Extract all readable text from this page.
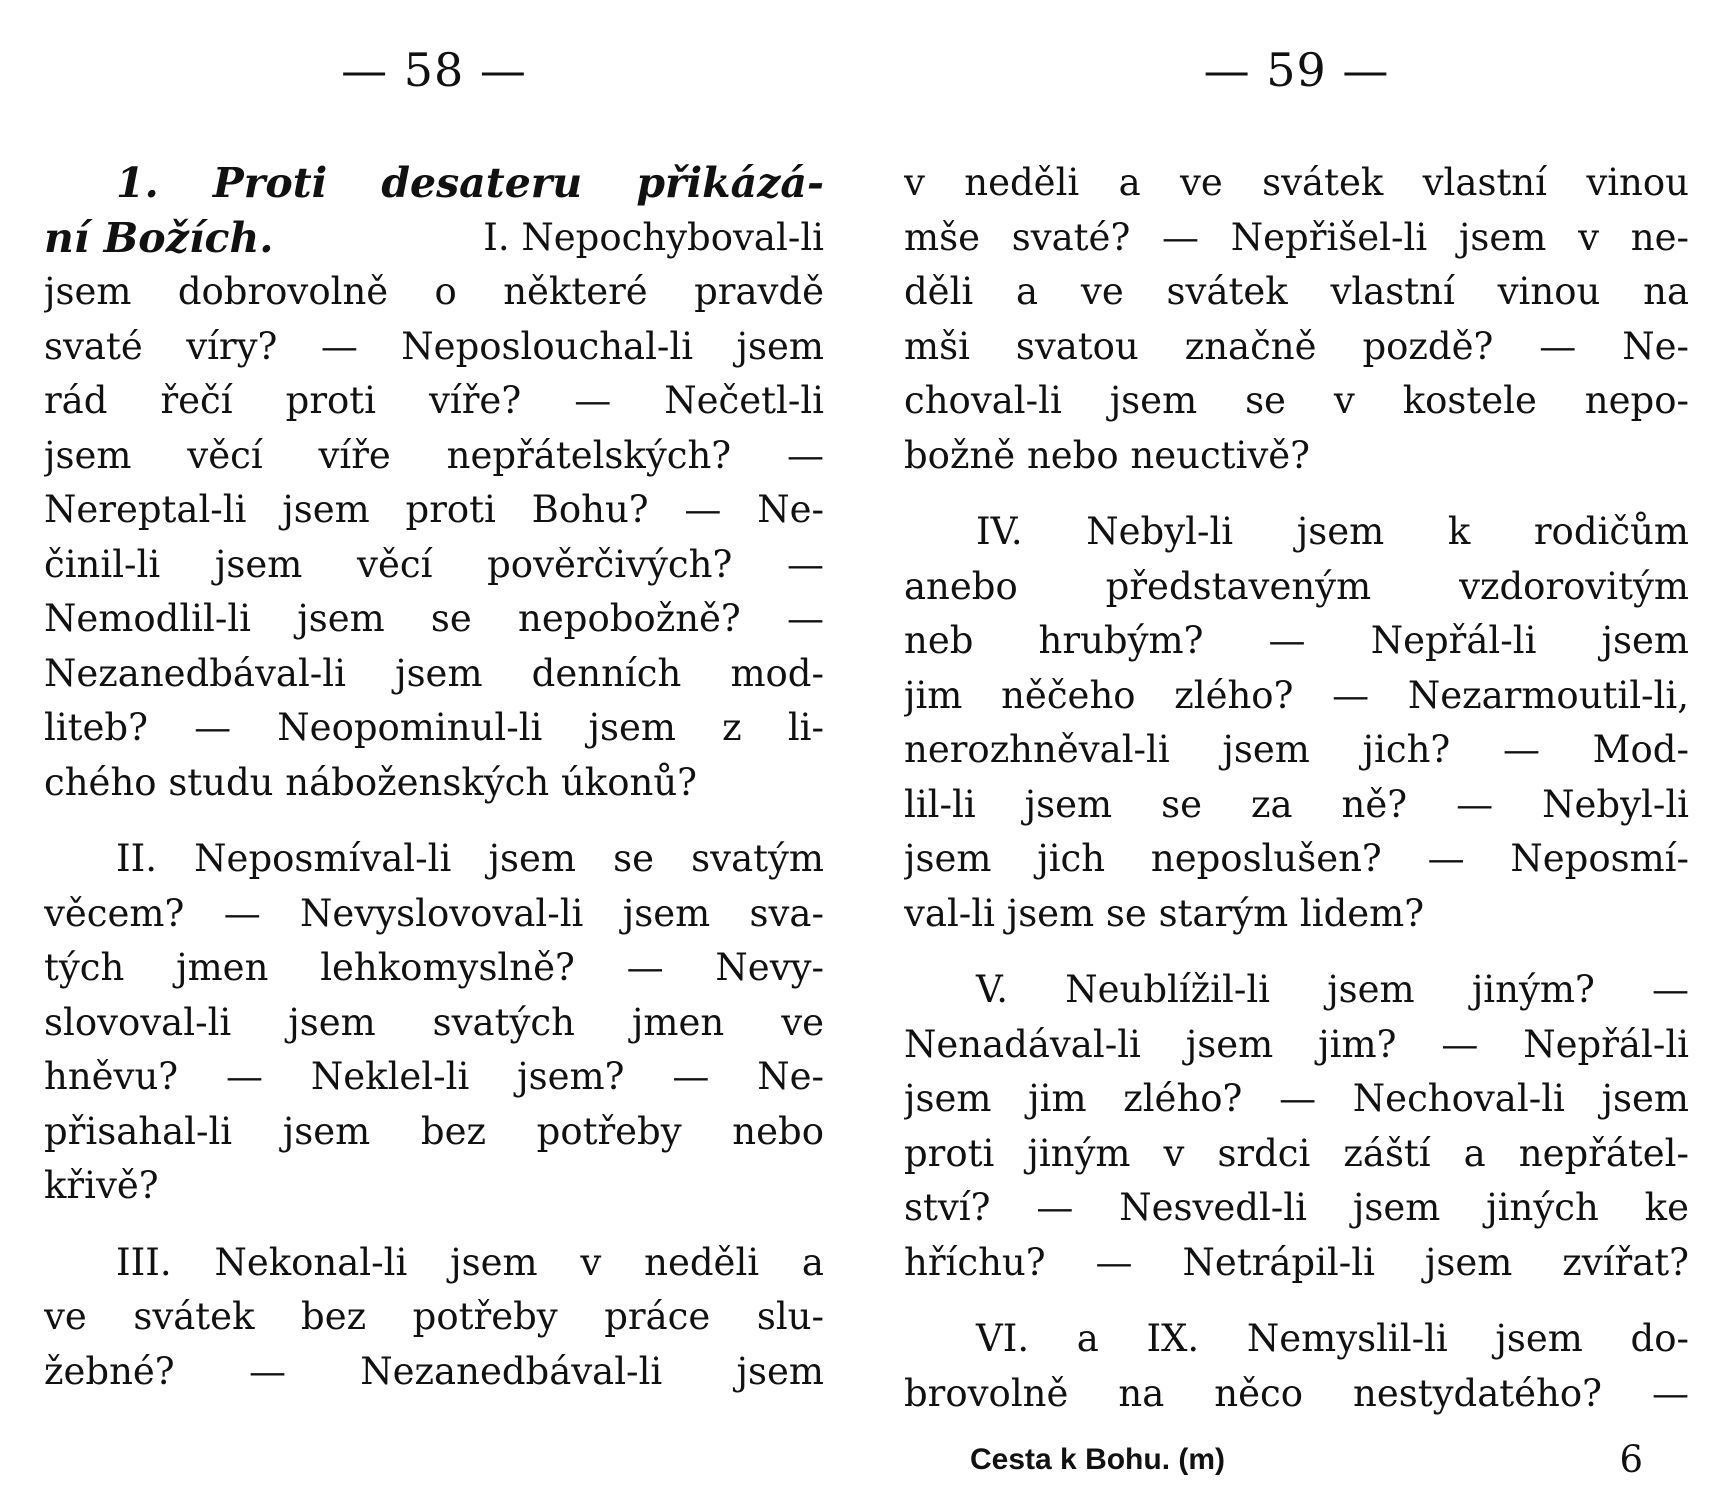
— 58 —
1. Proti desateru přikázá-
ní Božích.	I. Nepochyboval-li
jsem dobrovolně o některé pravdě
svaté víry? — Neposlouchal-li jsem
rád řečí proti víře? — Nečetl-li
jsem věcí víře nepřátelských? —
Nereptal-li jsem proti Bohu? — Ne-
činil-li jsem věcí pověrčivých? —
Nemodlil-li jsem se nepobožně? —
Nezanedbával-li jsem denních mod-
liteb? — Neopominul-li jsem z li-
chého studu náboženských úkonů?
II. Neposmíval-li jsem se svatým
věcem? — Nevyslovoval-li jsem sva-
tých jmen lehkomyslně? — Nevy-
slovoval-li jsem svatých jmen ve
hněvu? — Neklel-li jsem? — Ne-
přisahal-li jsem bez potřeby nebo
křivě?
III. Nekonal-li jsem v neděli a
ve svátek bez potřeby práce slu-
žebné? — Nezanedbával-li jsem
— 59 —
v neděli a ve svátek vlastní vinou
mše svaté? — Nepřišel-li jsem v ne-
děli a ve svátek vlastní vinou na
mši svatou značně pozdě? — Ne-
choval-li jsem se v kostele nepo-
božně nebo neuctivě?
IV. Nebyl-li jsem k rodičům
anebo představeným vzdorovitým
neb hrubým? — Nepřál-li jsem
jim něčeho zlého? — Nezarmoutil-li,
nerozhněval-li jsem jich? — Mod-
lil-li jsem se za ně? — Nebyl-li
jsem jich neposlušen? — Neposmí-
val-li jsem se starým lidem?
V. Neublížil-li jsem jiným? —
Nenadával-li jsem jim? — Nepřál-li
jsem jim zlého? — Nechoval-li jsem
proti jiným v srdci záští a nepřátel-
ství? — Nesvedl-li jsem jiných ke
hříchu? — Netrápil-li jsem zvířat?
VI. a IX. Nemyslil-li jsem do-
brovolně na něco nestydatého? —
Cesta k Bohu. (m)	6
